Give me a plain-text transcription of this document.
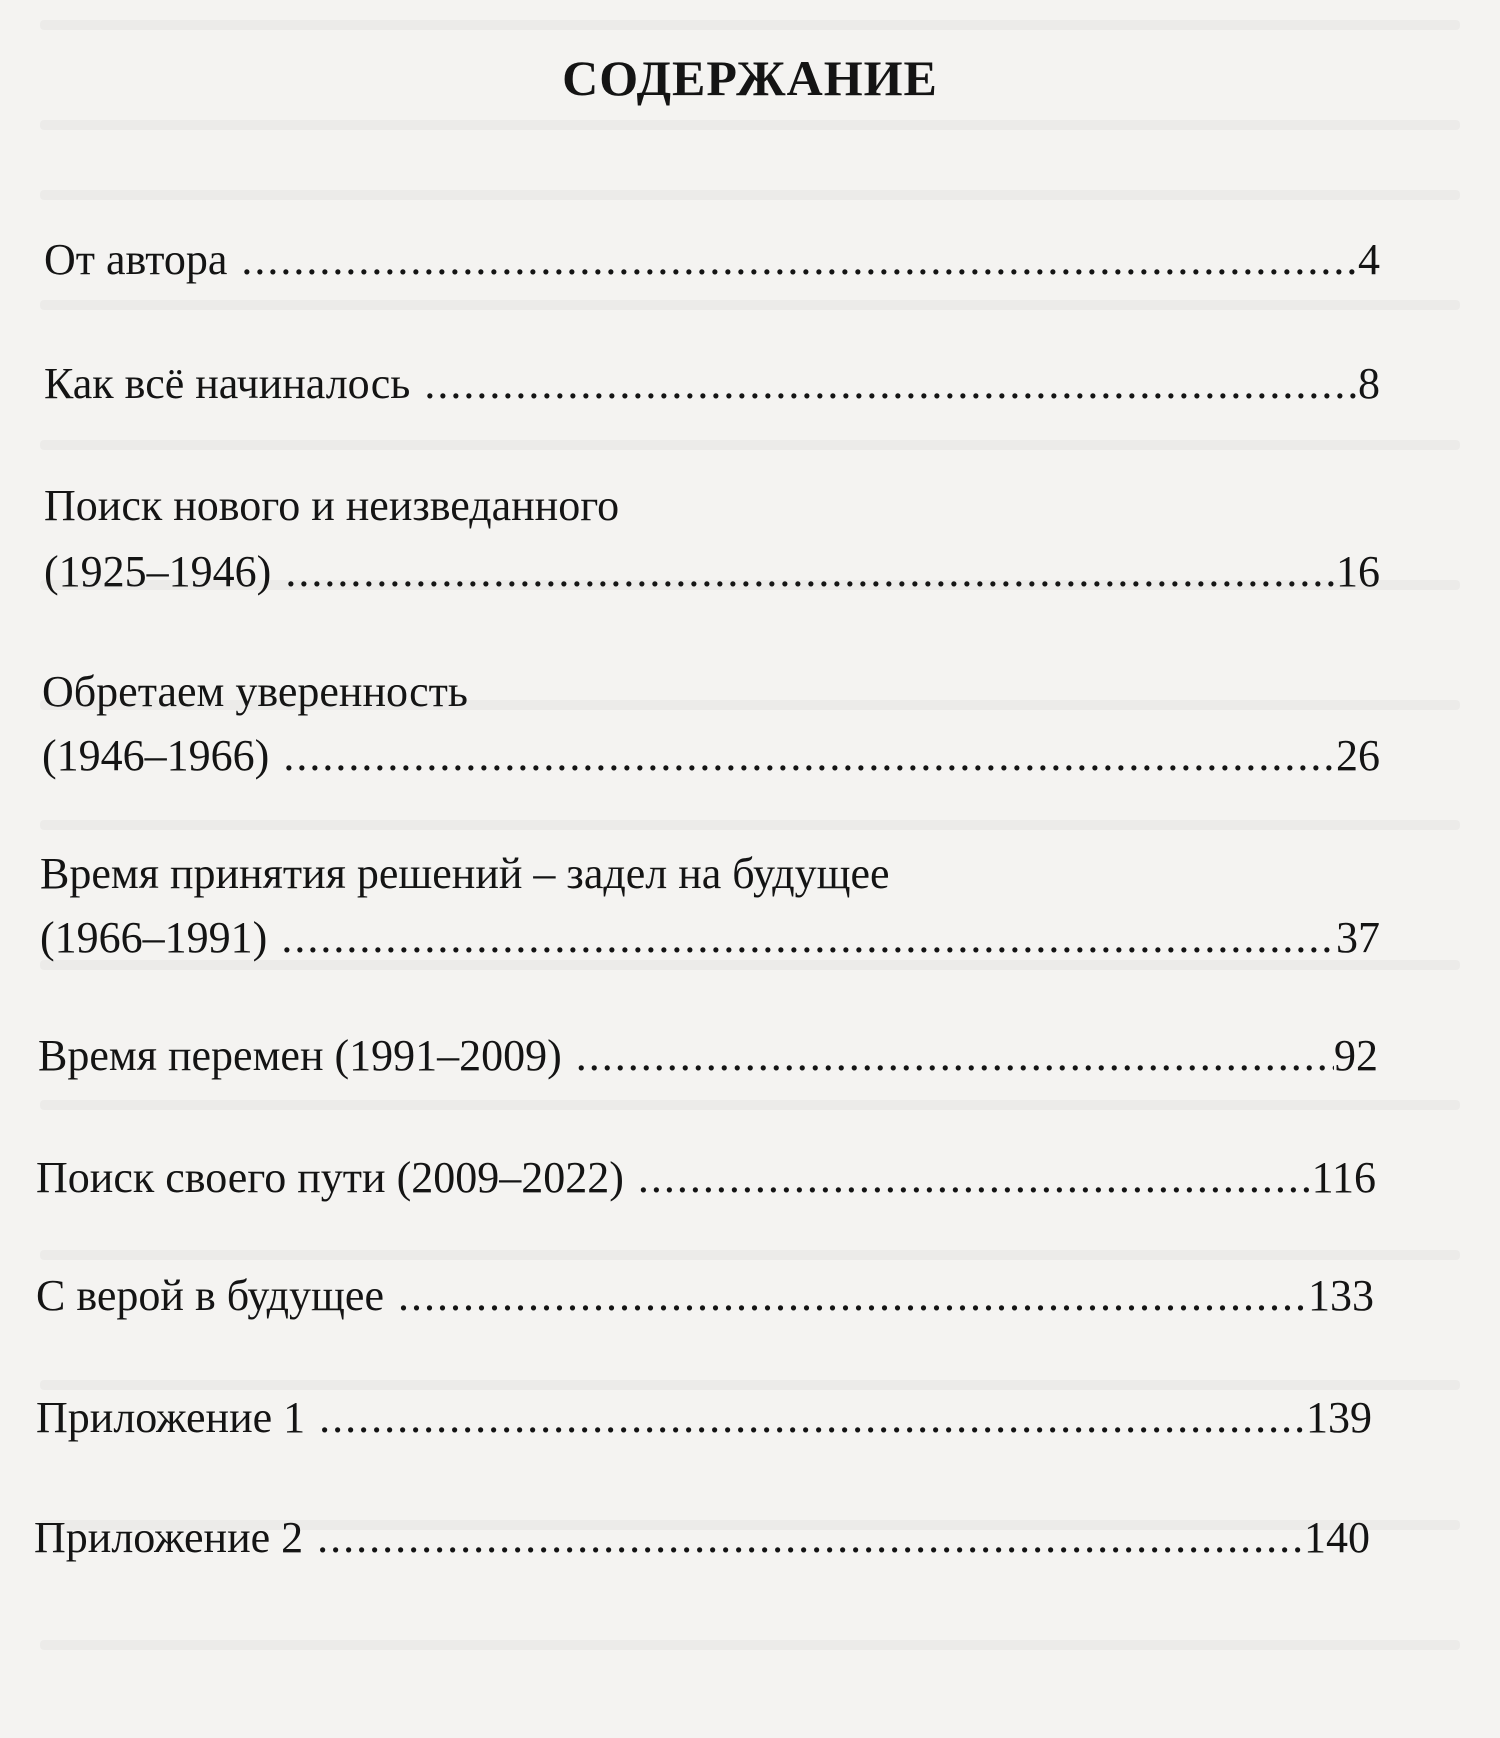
СОДЕРЖАНИЕ
От автора .....	4
Как всё начиналось .....	8
Поиск нового и неизведанного
(1925–1946) .....	16
Обретаем уверенность
(1946–1966) .....	26
Время принятия решений – задел на будущее
(1966–1991) .....	37
Время перемен (1991–2009) .....	92
Поиск своего пути (2009–2022) .....	116
С верой в будущее .....	133
Приложение 1 .....	139
Приложение 2 .....	140
